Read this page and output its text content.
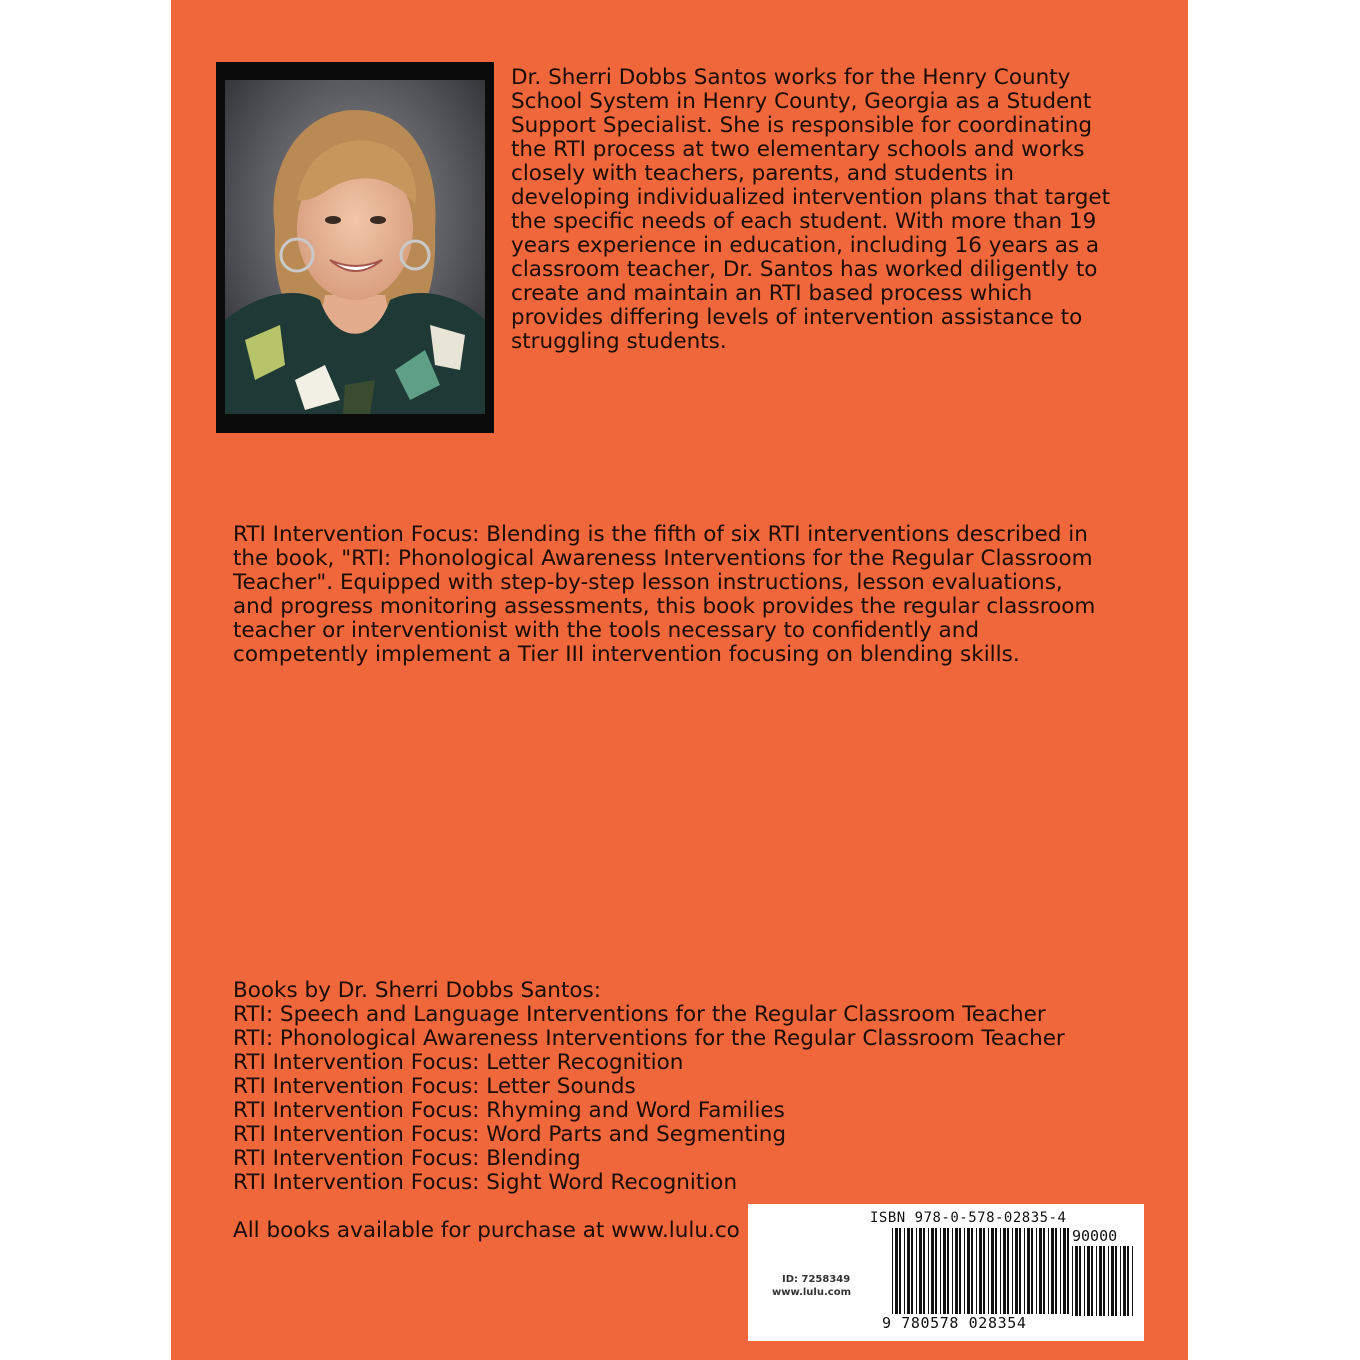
Dr. Sherri Dobbs Santos works for the Henry County
School System in Henry County, Georgia as a Student
Support Specialist. She is responsible for coordinating
the RTI process at two elementary schools and works
closely with teachers, parents, and students in
developing individualized intervention plans that target
the specific needs of each student. With more than 19
years experience in education, including 16 years as a
classroom teacher, Dr. Santos has worked diligently to
create and maintain an RTI based process which
provides differing levels of intervention assistance to
struggling students.
RTI Intervention Focus: Blending is the fifth of six RTI interventions described in
the book, "RTI: Phonological Awareness Interventions for the Regular Classroom
Teacher". Equipped with step-by-step lesson instructions, lesson evaluations,
and progress monitoring assessments, this book provides the regular classroom
teacher or interventionist with the tools necessary to confidently and
competently implement a Tier III intervention focusing on blending skills.
Books by Dr. Sherri Dobbs Santos:
RTI: Speech and Language Interventions for the Regular Classroom Teacher
RTI: Phonological Awareness Interventions for the Regular Classroom Teacher
RTI Intervention Focus: Letter Recognition
RTI Intervention Focus: Letter Sounds
RTI Intervention Focus: Rhyming and Word Families
RTI Intervention Focus: Word Parts and Segmenting
RTI Intervention Focus: Blending
RTI Intervention Focus: Sight Word Recognition
All books available for purchase at www.lulu.co	ISBN 978-0-578-02835-4
90000
9 780578 028354
ID: 7258349
www.lulu.com
